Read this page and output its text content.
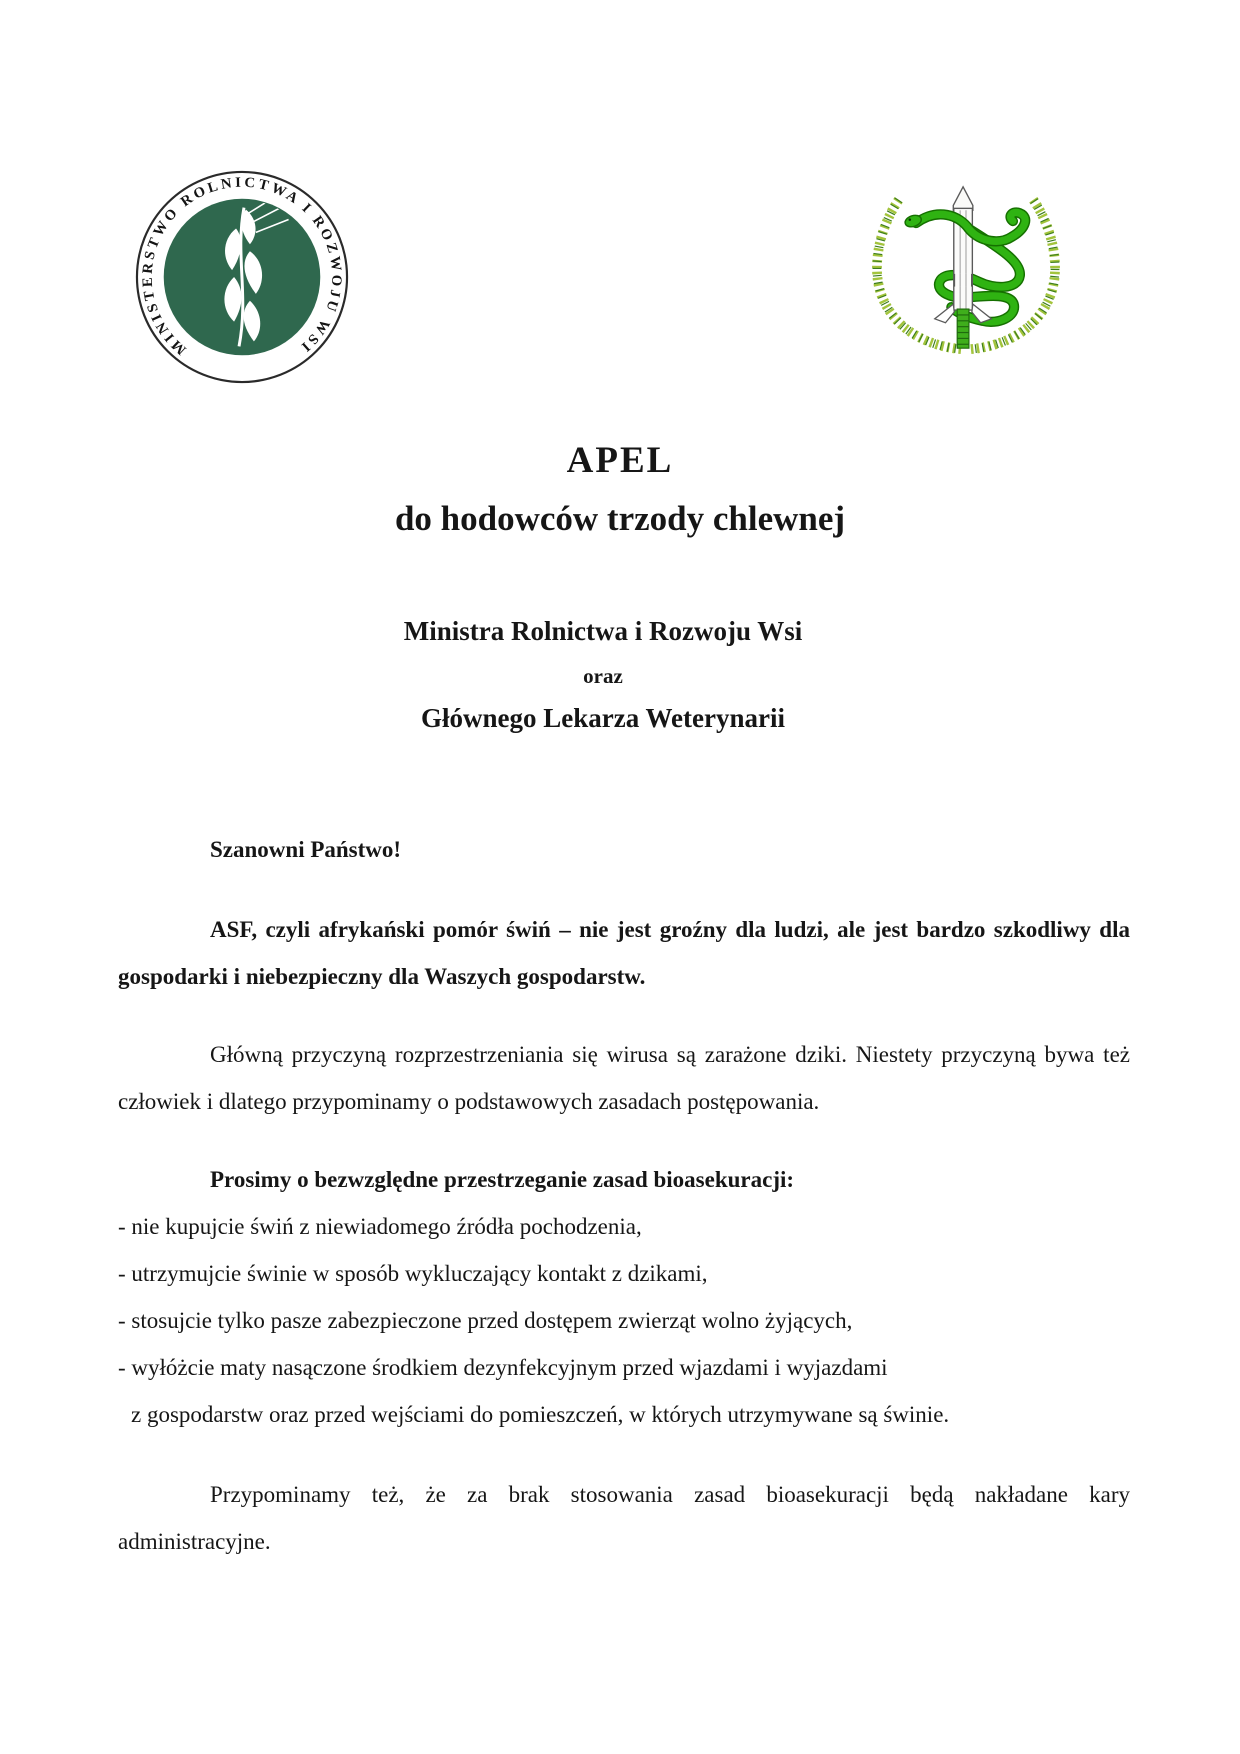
MINISTERSTWO ROLNICTWA I ROZWOJU WSI
APEL
do hodowców trzody chlewnej

Ministra Rolnictwa i Rozwoju Wsi

oraz

Głównego Lekarza Weterynarii

Szanowni Państwo!

ASF, czyli afrykański pomór świń – nie jest groźny dla ludzi, ale jest bardzo szkodliwy dla gospodarki i niebezpieczny dla Waszych gospodarstw.

Główną przyczyną rozprzestrzeniania się wirusa są zarażone dziki. Niestety przyczyną bywa też człowiek i dlatego przypominamy o podstawowych zasadach postępowania.

Prosimy o bezwzględne przestrzeganie zasad bioasekuracji:

- nie kupujcie świń z niewiadomego źródła pochodzenia,

- utrzymujcie świnie w sposób wykluczający kontakt z dzikami,

- stosujcie tylko pasze zabezpieczone przed dostępem zwierząt wolno żyjących,

- wyłóżcie maty nasączone środkiem dezynfekcyjnym przed wjazdami i wyjazdami

z gospodarstw oraz przed wejściami do pomieszczeń, w których utrzymywane są świnie.

Przypominamy też, że za brak stosowania zasad bioasekuracji będą nakładane kary administracyjne.
